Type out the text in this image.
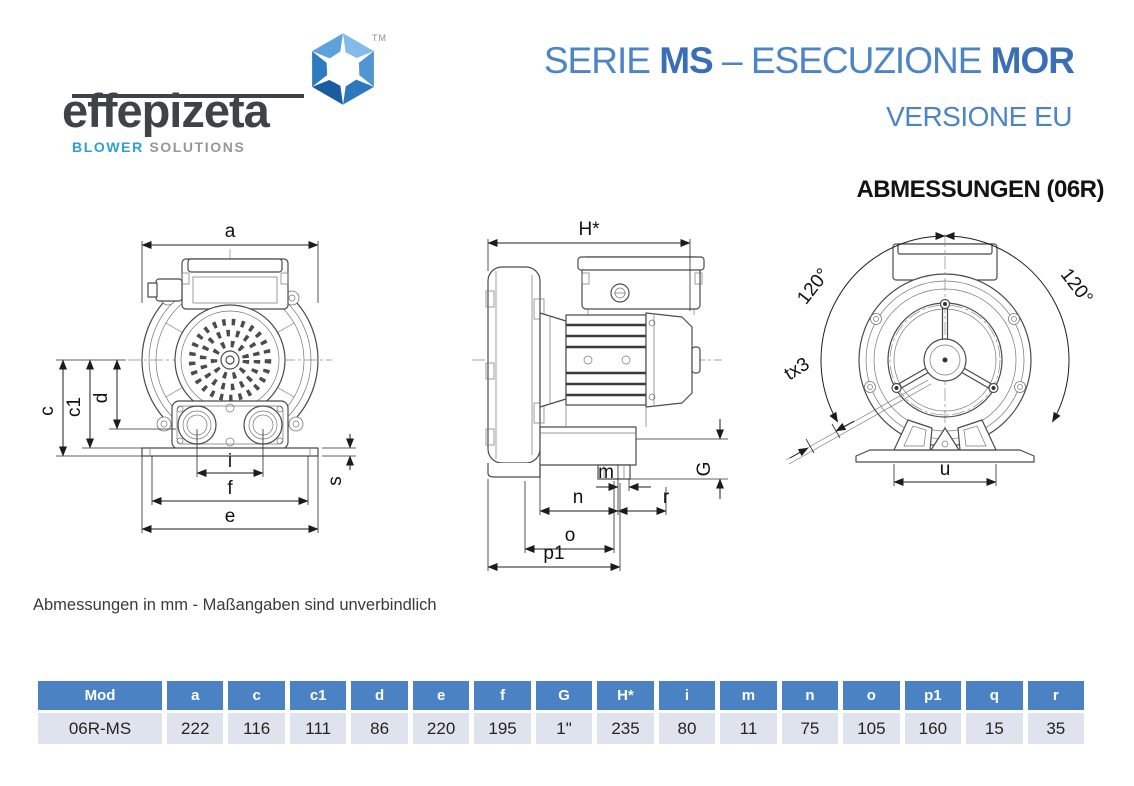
effepizeta
BLOWER SOLUTIONS
TM
SERIE MS – ESECUZIONE MOR
VERSIONE EU
ABMESSUNGEN (06R)
a
c c1 d
i
f
e
s
H*
G
m
n	r
o
p1
120°	120°
tx3
u

Abmessungen in mm - Maßangaben sind unverbindlich

Mod	a	c	c1	d	e	f	G	H*	i	m	n	o	p1	q	r
06R-MS	222	116	111	86	220	195	1"	235	80	11	75	105	160	15	35
